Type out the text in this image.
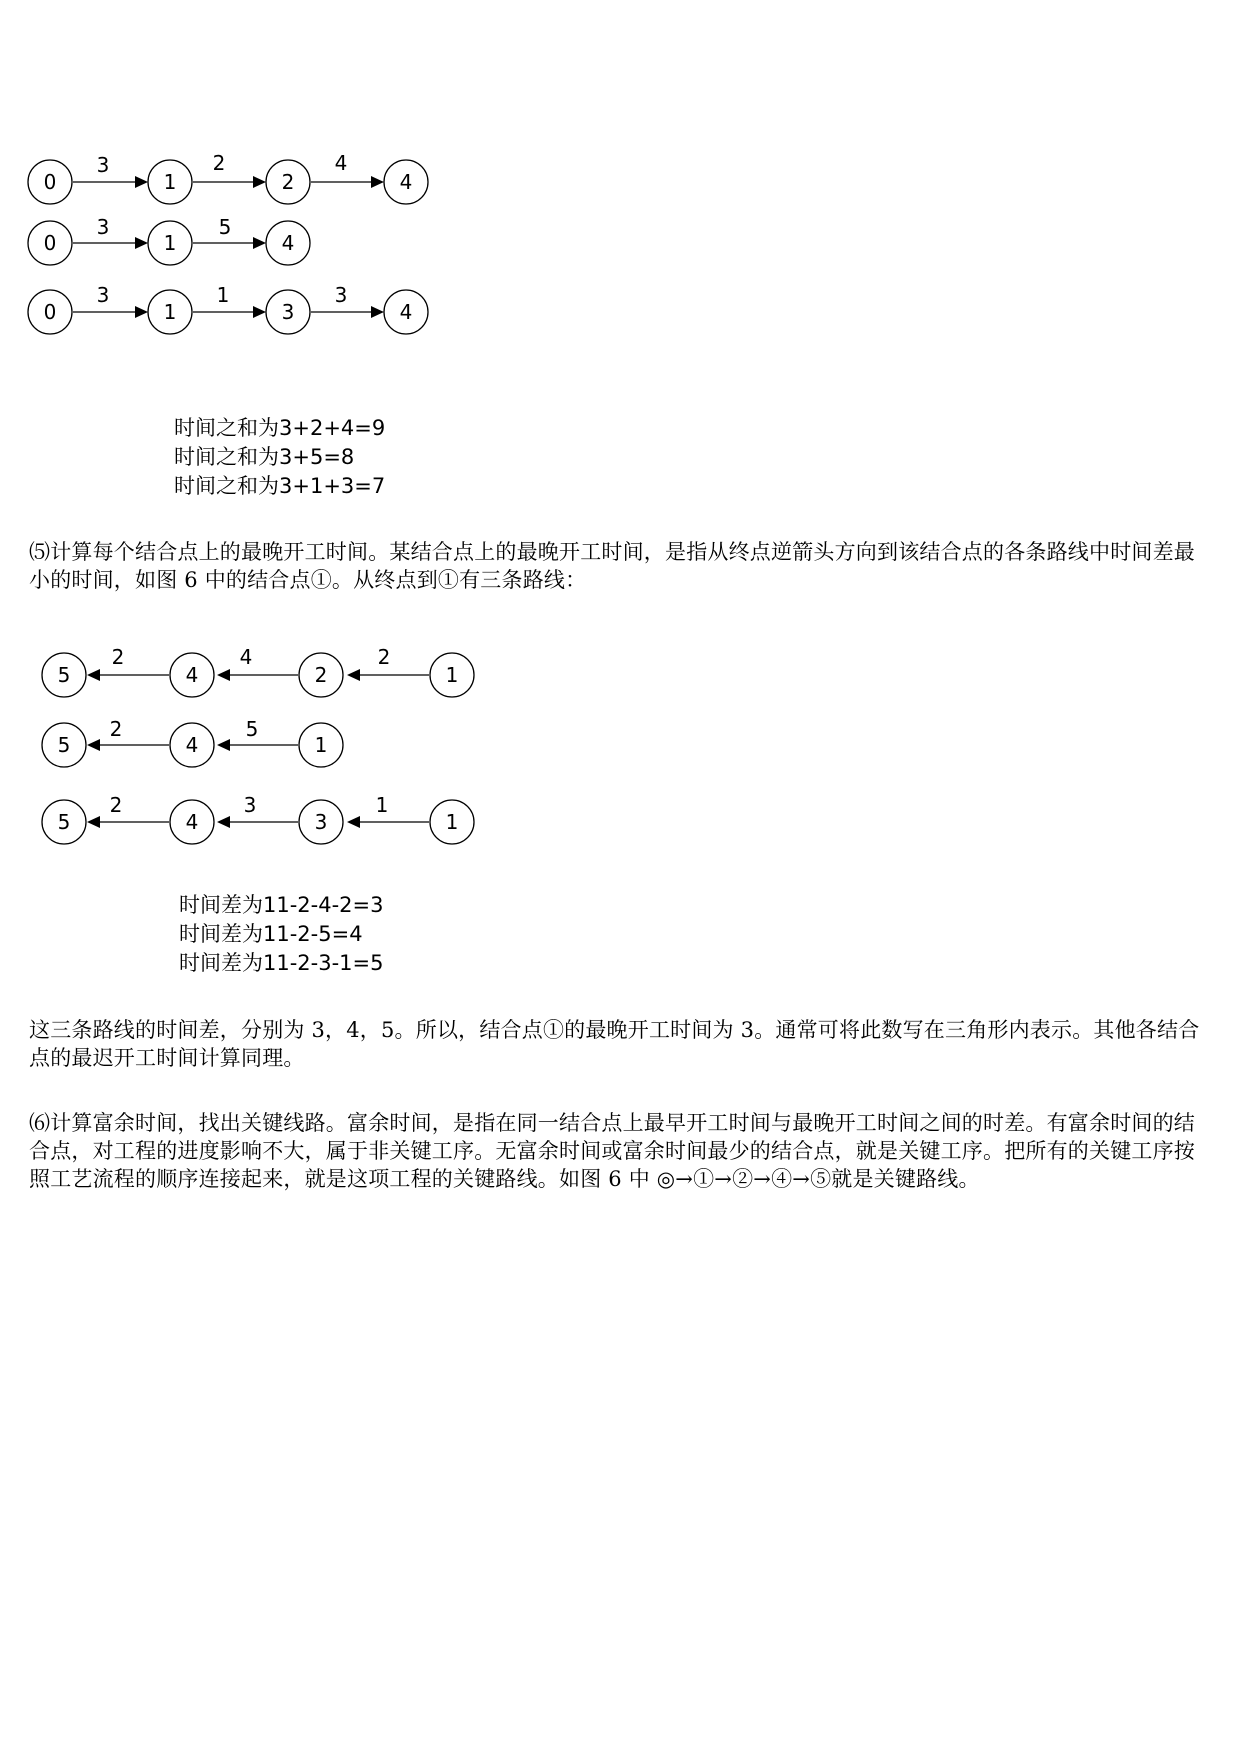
0	1	2	4
3	2	4
0	1	4
3	5
0	1	3	4
3	1	3
时间之和为3+2+4=9
时间之和为3+5=8
时间之和为3+1+3=7

⑸计算每个结合点上的最晚开工时间。某结合点上的最晚开工时间，是指从终点逆箭头方向到该结合点的各条路线中时间差最小的时间，如图 6 中的结合点①。从终点到①有三条路线：

5	4	2	1
2	4	2
5	4	1
2	5
5	4	3	1
2	3	1
时间差为11-2-4-2=3
时间差为11-2-5=4
时间差为11-2-3-1=5

这三条路线的时间差，分别为 3，4，5。所以，结合点①的最晚开工时间为 3。通常可将此数写在三角形内表示。其他各结合点的最迟开工时间计算同理。

⑹计算富余时间，找出关键线路。富余时间，是指在同一结合点上最早开工时间与最晚开工时间之间的时差。有富余时间的结合点，对工程的进度影响不大，属于非关键工序。无富余时间或富余时间最少的结合点，就是关键工序。把所有的关键工序按照工艺流程的顺序连接起来，就是这项工程的关键路线。如图 6 中 ◎→①→②→④→⑤就是关键路线。
